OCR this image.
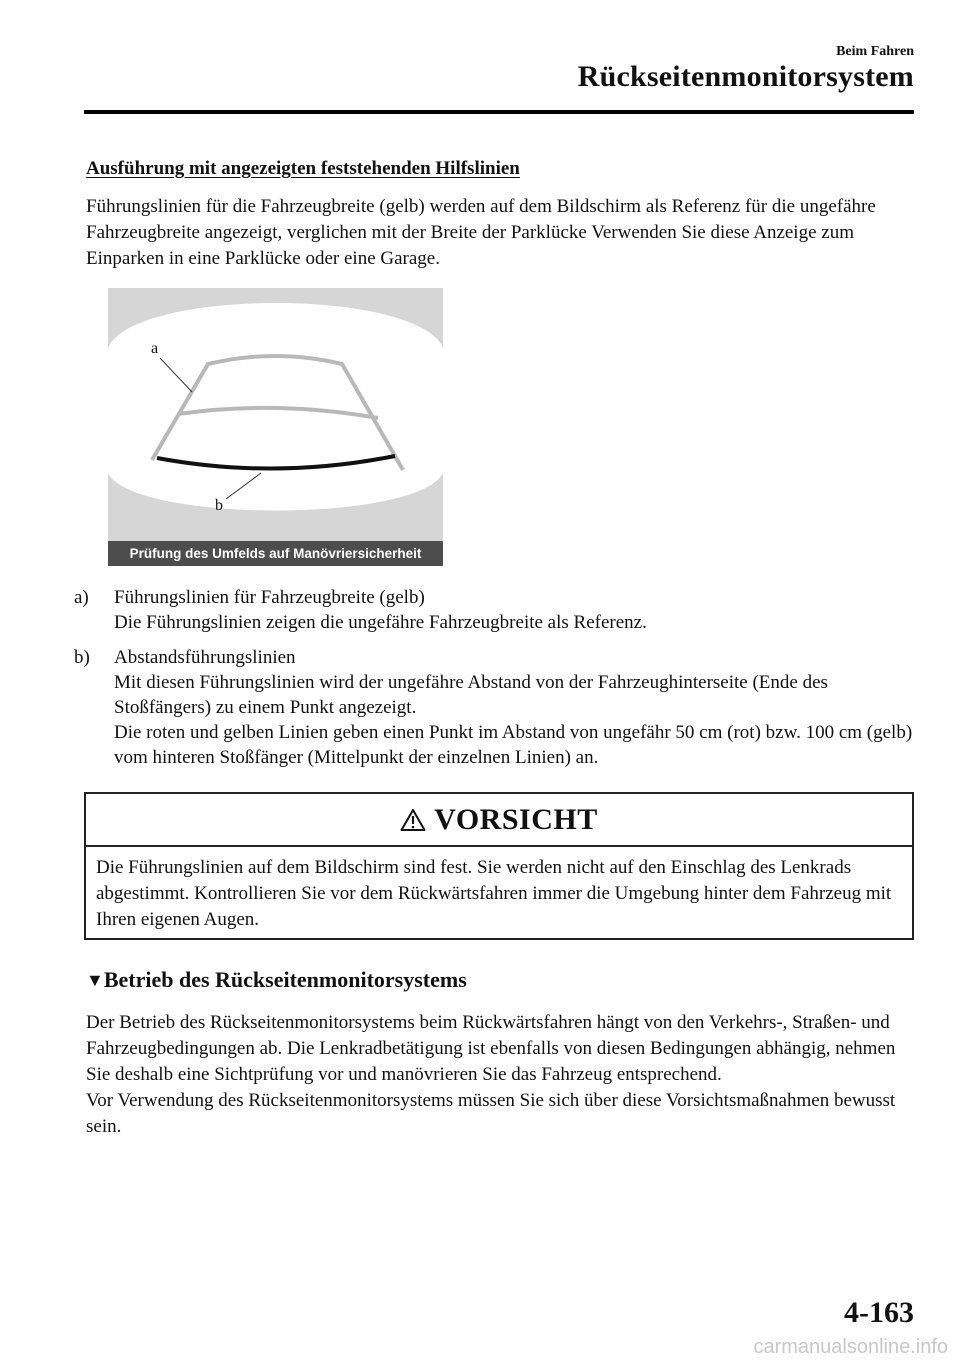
Beim Fahren
Rückseitenmonitorsystem
Ausführung mit angezeigten feststehenden Hilfslinien

Führungslinien für die Fahrzeugbreite (gelb) werden auf dem Bildschirm als Referenz für die ungefähre Fahrzeugbreite angezeigt, verglichen mit der Breite der Parklücke Verwenden Sie diese Anzeige zum Einparken in eine Parklücke oder eine Garage.

a
b
Prüfung des Umfelds auf Manövriersicherheit
a) Führungslinien für Fahrzeugbreite (gelb)
Die Führungslinien zeigen die ungefähre Fahrzeugbreite als Referenz.
b) Abstandsführungslinien
Mit diesen Führungslinien wird der ungefähre Abstand von der Fahrzeughinterseite (Ende des Stoßfängers) zu einem Punkt angezeigt.
Die roten und gelben Linien geben einen Punkt im Abstand von ungefähr 50 cm (rot) bzw. 100 cm (gelb) vom hinteren Stoßfänger (Mittelpunkt der einzelnen Linien) an.
VORSICHT

Die Führungslinien auf dem Bildschirm sind fest. Sie werden nicht auf den Einschlag des Lenkrads abgestimmt. Kontrollieren Sie vor dem Rückwärtsfahren immer die Umgebung hinter dem Fahrzeug mit Ihren eigenen Augen.

▼Betrieb des Rückseitenmonitorsystems
Der Betrieb des Rückseitenmonitorsystems beim Rückwärtsfahren hängt von den Verkehrs-, Straßen- und Fahrzeugbedingungen ab. Die Lenkradbetätigung ist ebenfalls von diesen Bedingungen abhängig, nehmen Sie deshalb eine Sichtprüfung vor und manövrieren Sie das Fahrzeug entsprechend.
Vor Verwendung des Rückseitenmonitorsystems müssen Sie sich über diese Vorsichtsmaßnahmen bewusst sein.
4-163
carmanualsonline.info
